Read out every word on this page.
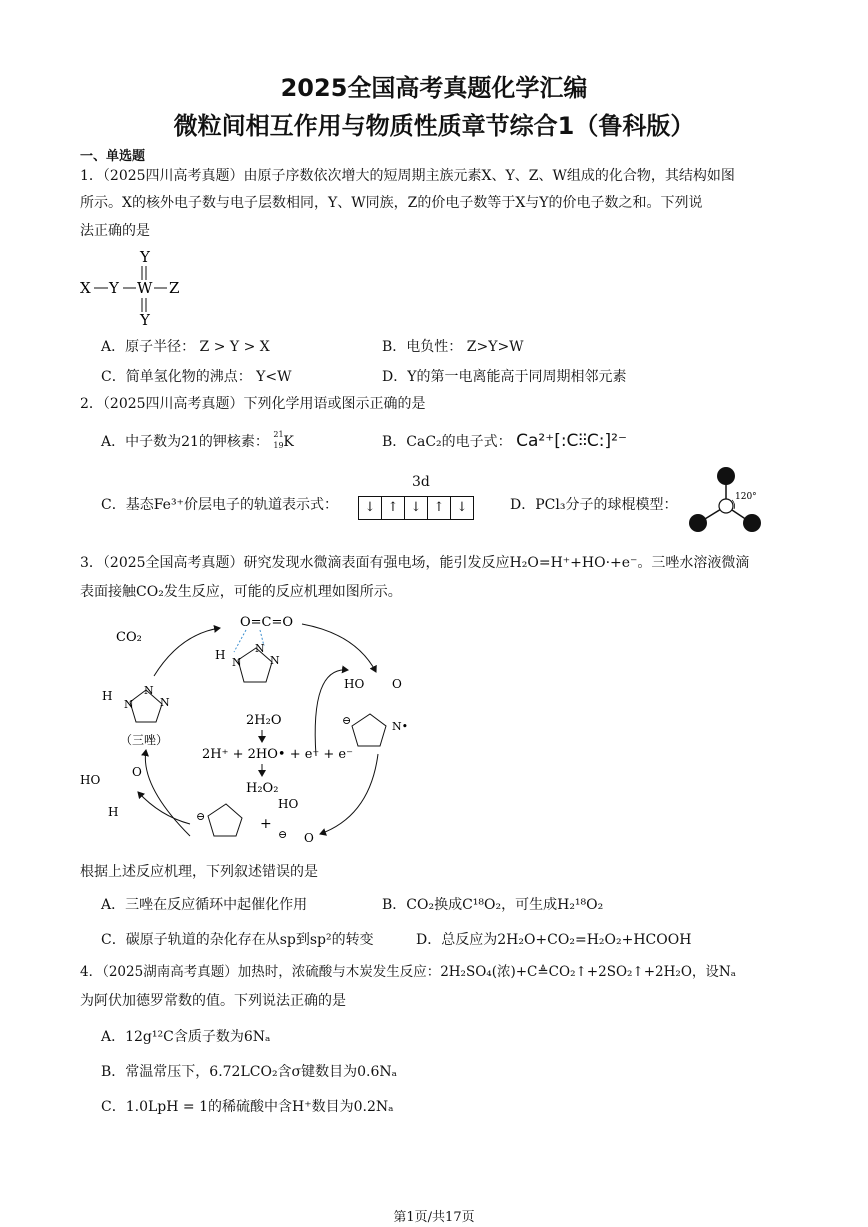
2025全国高考真题化学汇编
微粒间相互作用与物质性质章节综合1（鲁科版）
一、单选题
1．（2025四川高考真题）由原子序数依次增大的短周期主族元素X、Y、Z、W组成的化合物，其结构如图
所示。X的核外电子数与电子层数相同，Y、W同族，Z的价电子数等于X与Y的价电子数之和。下列说
法正确的是
Y
X Y W Z
Y
A．原子半径： Z > Y > X	B．电负性： Z>Y>W
C．简单氢化物的沸点： Y<W	D．Y的第一电离能高于同周期相邻元素
2．（2025四川高考真题）下列化学用语或图示正确的是
A．中子数为21的钾核素： 21
19 K	B．CaC₂的电子式： Ca²⁺[:C⫶⫶C:]²⁻
C．基态Fe³⁺价层电子的轨道表示式：
3d
↓ ↑ ↓ ↑ ↓	D．PCl₃分子的球棍模型：	120°
3．（2025全国高考真题）研究发现水微滴表面有强电场，能引发反应H₂O=H⁺+HO·+e⁻。三唑水溶液微滴
表面接触CO₂发生反应，可能的反应机理如图所示。
CO₂
O=C=O
H
N
N
N
H
N
N
N
（三唑）
HO O
⊖	N•
2H₂O
2H⁺ + 2HO• + e⁻ + e⁻
H₂O₂
HO
O
H	⊖	+
HO
⊖ O
根据上述反应机理，下列叙述错误的是
A．三唑在反应循环中起催化作用	B．CO₂换成C¹⁸O₂，可生成H₂¹⁸O₂
C．碳原子轨道的杂化存在从sp到sp²的转变	D．总反应为2H₂O+CO₂=H₂O₂+HCOOH
4．（2025湖南高考真题）加热时，浓硫酸与木炭发生反应：2H₂SO₄(浓)+C≜CO₂↑+2SO₂↑+2H₂O，设Nₐ
为阿伏加德罗常数的值。下列说法正确的是
A．12g¹²C含质子数为6Nₐ
B．常温常压下，6.72LCO₂含σ键数目为0.6Nₐ
C．1.0LpH = 1的稀硫酸中含H⁺数目为0.2Nₐ
第1页/共17页
